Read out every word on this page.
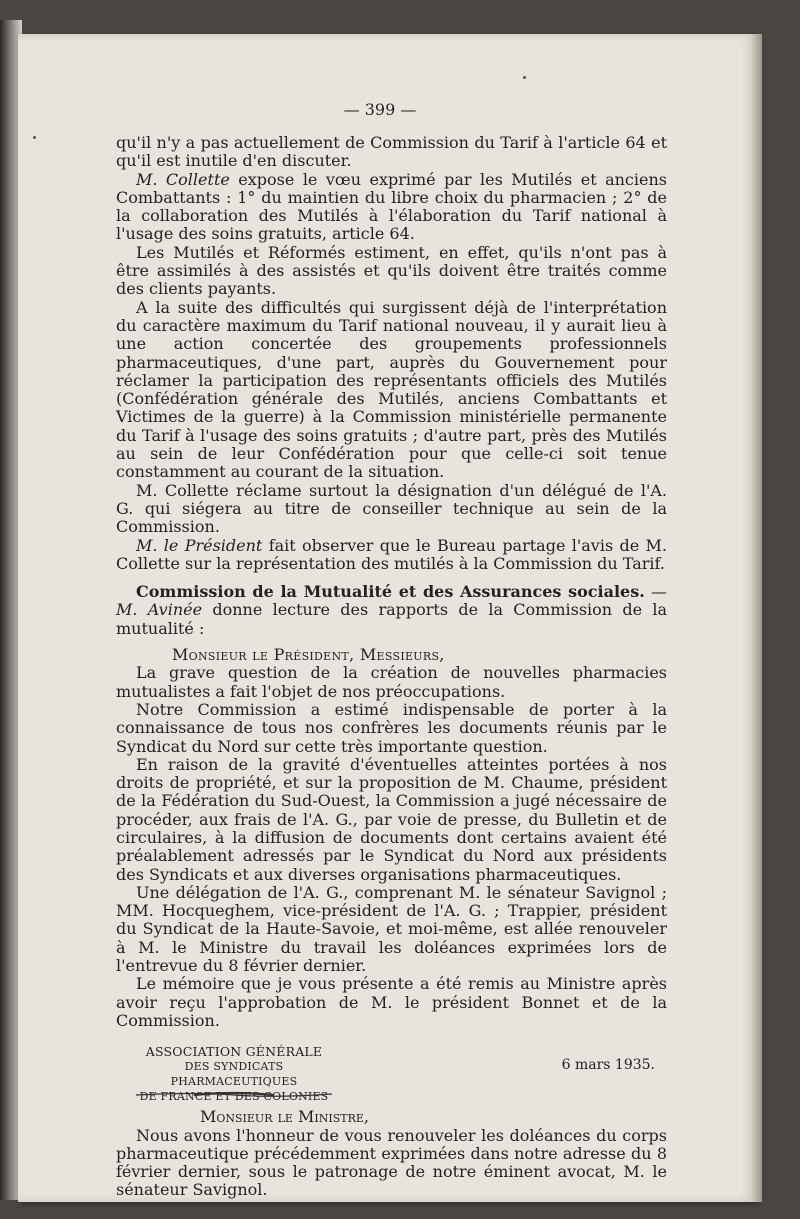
— 399 —

qu'il n'y a pas actuellement de Commission du Tarif à l'article 64 et qu'il est inutile d'en discuter.

M. Collette expose le vœu exprimé par les Mutilés et anciens Combattants : 1° du maintien du libre choix du pharmacien ; 2° de la collaboration des Mutilés à l'élaboration du Tarif national à l'usage des soins gratuits, article 64.

Les Mutilés et Réformés estiment, en effet, qu'ils n'ont pas à être assimilés à des assistés et qu'ils doivent être traités comme des clients payants.

A la suite des difficultés qui surgissent déjà de l'interprétation du caractère maximum du Tarif national nouveau, il y aurait lieu à une action concertée des groupements professionnels pharmaceutiques, d'une part, auprès du Gouvernement pour réclamer la participation des représentants officiels des Mutilés (Confédération générale des Mutilés, anciens Combattants et Victimes de la guerre) à la Commission ministérielle permanente du Tarif à l'usage des soins gratuits ; d'autre part, près des Mutilés au sein de leur Confédération pour que celle-ci soit tenue constamment au courant de la situation.

M. Collette réclame surtout la désignation d'un délégué de l'A. G. qui siégera au titre de conseiller technique au sein de la Commission.

M. le Président fait observer que le Bureau partage l'avis de M. Collette sur la représentation des mutilés à la Commission du Tarif.

Commission de la Mutualité et des Assurances sociales. — M. Avinée donne lecture des rapports de la Commission de la mutualité :

Monsieur le Président, Messieurs,

La grave question de la création de nouvelles pharmacies mutualistes a fait l'objet de nos préoccupations.

Notre Commission a estimé indispensable de porter à la connaissance de tous nos confrères les documents réunis par le Syndicat du Nord sur cette très importante question.

En raison de la gravité d'éventuelles atteintes portées à nos droits de propriété, et sur la proposition de M. Chaume, président de la Fédération du Sud-Ouest, la Commission a jugé nécessaire de procéder, aux frais de l'A. G., par voie de presse, du Bulletin et de circulaires, à la diffusion de documents dont certains avaient été préalablement adressés par le Syndicat du Nord aux présidents des Syndicats et aux diverses organisations pharmaceutiques.

Une délégation de l'A. G., comprenant M. le sénateur Savignol ; MM. Hocqueghem, vice-président de l'A. G. ; Trappier, président du Syndicat de la Haute-Savoie, et moi-même, est allée renouveler à M. le Ministre du travail les doléances exprimées lors de l'entrevue du 8 février dernier.

Le mémoire que je vous présente a été remis au Ministre après avoir reçu l'approbation de M. le président Bonnet et de la Commission.

ASSOCIATION GÉNÉRALE
DES SYNDICATS PHARMACEUTIQUES
DE FRANCE ET DES COLONIES
6 mars 1935.

Monsieur le Ministre,

Nous avons l'honneur de vous renouveler les doléances du corps pharmaceutique précédemment exprimées dans notre adresse du 8 février dernier, sous le patronage de notre éminent avocat, M. le sénateur Savignol.
